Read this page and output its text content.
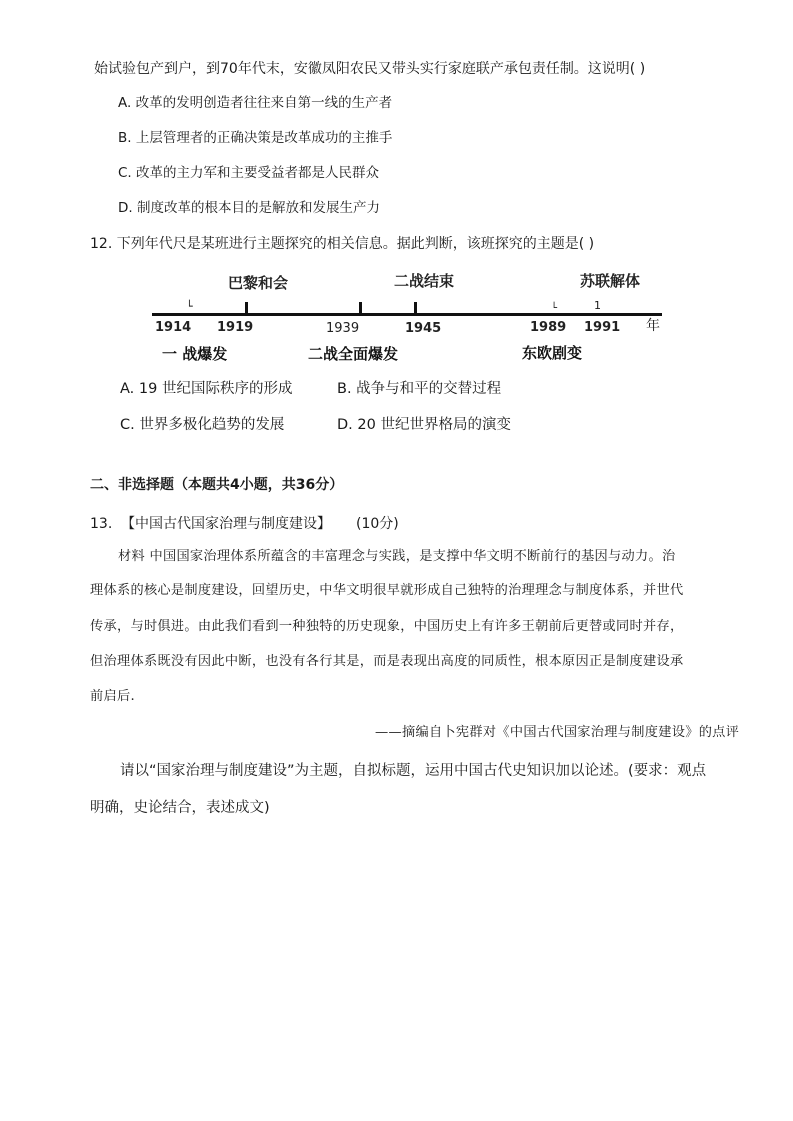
始试验包产到户，到70年代末，安徽凤阳农民又带头实行家庭联产承包责任制。这说明( )
A. 改革的发明创造者往往来自第一线的生产者
B. 上层管理者的正确决策是改革成功的主推手
C. 改革的主力军和主要受益者都是人民群众
D. 制度改革的根本目的是解放和发展生产力
12. 下列年代尺是某班进行主题探究的相关信息。据此判断，该班探究的主题是( )
巴黎和会	二战结束	苏联解体
└	└	1
1914 1919	1939	1945	1989 1991 年
一 战爆发	二战全面爆发	东欧剧变
A. 19 世纪国际秩序的形成	B. 战争与和平的交替过程
C. 世界多极化趋势的发展	D. 20 世纪世界格局的演变
二、非选择题（本题共4小题，共36分）
13. 【中国古代国家治理与制度建设】 (10分)
材料 中国国家治理体系所蕴含的丰富理念与实践，是支撑中华文明不断前行的基因与动力。治
理体系的核心是制度建设，回望历史，中华文明很早就形成自己独特的治理理念与制度体系，并世代
传承，与时俱进。由此我们看到一种独特的历史现象，中国历史上有许多王朝前后更替或同时并存，
但治理体系既没有因此中断，也没有各行其是，而是表现出高度的同质性，根本原因正是制度建设承
前启后.
——摘编自卜宪群对《中国古代国家治理与制度建设》的点评
请以“国家治理与制度建设”为主题，自拟标题，运用中国古代史知识加以论述。(要求：观点
明确，史论结合，表述成文)
